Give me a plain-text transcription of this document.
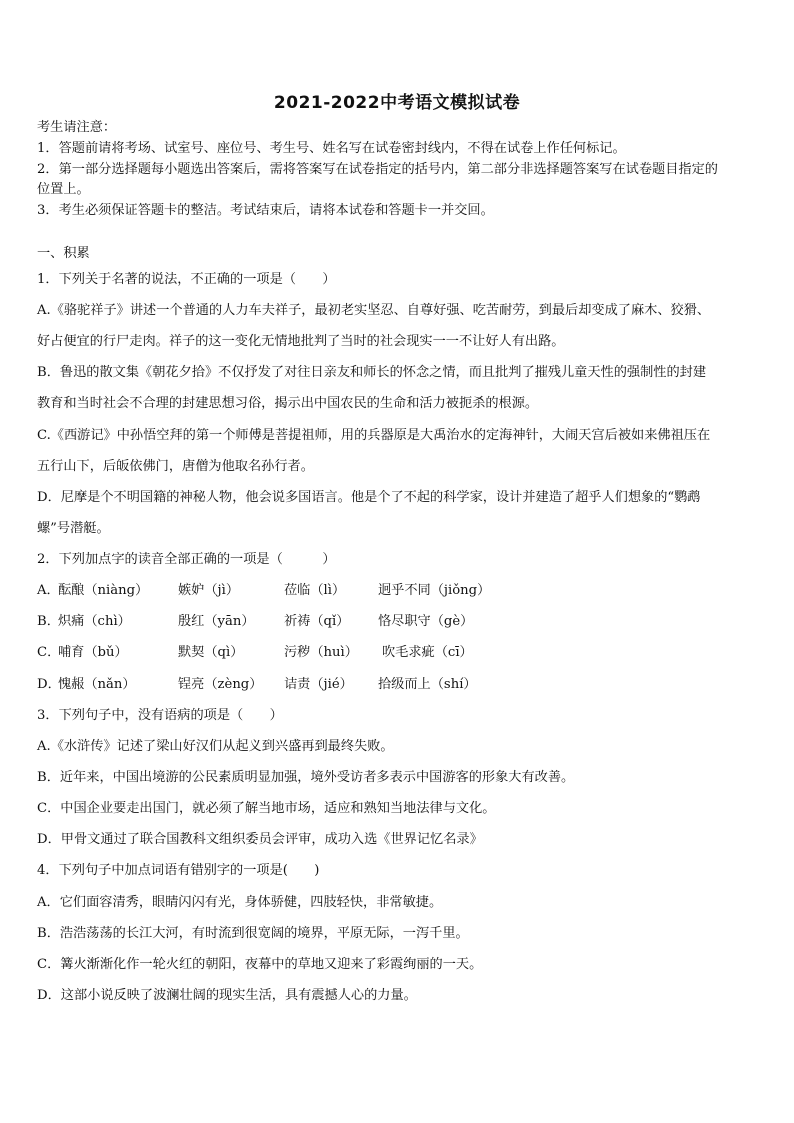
2021-2022中考语文模拟试卷
考生请注意：
1．答题前请将考场、试室号、座位号、考生号、姓名写在试卷密封线内，不得在试卷上作任何标记。
2．第一部分选择题每小题选出答案后，需将答案写在试卷指定的括号内，第二部分非选择题答案写在试卷题目指定的
位置上。
3．考生必须保证答题卡的整洁。考试结束后，请将本试卷和答题卡一并交回。
一、积累
1．下列关于名著的说法，不正确的一项是（　　）
A.《骆驼祥子》讲述一个普通的人力车夫祥子，最初老实坚忍、自尊好强、吃苦耐劳，到最后却变成了麻木、狡猾、
好占便宜的行尸走肉。祥子的这一变化无情地批判了当时的社会现实一一不让好人有出路。
B．鲁迅的散文集《朝花夕拾》不仅抒发了对往日亲友和师长的怀念之情，而且批判了摧残儿童天性的强制性的封建
教育和当时社会不合理的封建思想习俗，揭示出中国农民的生命和活力被扼杀的根源。
C.《西游记》中孙悟空拜的第一个师傅是菩提祖师，用的兵器原是大禹治水的定海神针，大闹天宫后被如来佛祖压在
五行山下，后皈依佛门，唐僧为他取名孙行者。
D．尼摩是个不明国籍的神秘人物，他会说多国语言。他是个了不起的科学家，设计并建造了超乎人们想象的“鹦鹉
螺”号潜艇。
2．下列加点字的读音全部正确的一项是（　　　）
A．
酝酿（niàng） 嫉妒（jì）	莅临（lì） 迥乎不同（jiǒng）
B．
炽痛（chì）	殷红（yān） 祈祷（qǐ） 恪尽职守（gè）
C．
哺育（bǔ）	默契（qì）	污秽（huì） 吹毛求疵（cī）
D．
愧赧（nǎn）	锃亮（zèng） 诘责（jié） 拾级而上（shí）
3．下列句子中，没有语病的项是（　　）
A.《水浒传》记述了梁山好汉们从起义到兴盛再到最终失败。
B．近年来，中国出境游的公民素质明显加强，境外受访者多表示中国游客的形象大有改善。
C．中国企业要走出国门，就必须了解当地市场，适应和熟知当地法律与文化。
D．甲骨文通过了联合国教科文组织委员会评审，成功入选《世界记忆名录》
4．下列句子中加点词语有错别字的一项是(　　)
A．它们面容清秀，眼睛闪闪有光，身体骄健，四肢轻快，非常敏捷。
B．浩浩荡荡的长江大河，有时流到很宽阔的境界，平原无际，一泻千里。
C．篝火渐渐化作一轮火红的朝阳，夜幕中的草地又迎来了彩霞绚丽的一天。
D．这部小说反映了波澜壮阔的现实生活，具有震撼人心的力量。
